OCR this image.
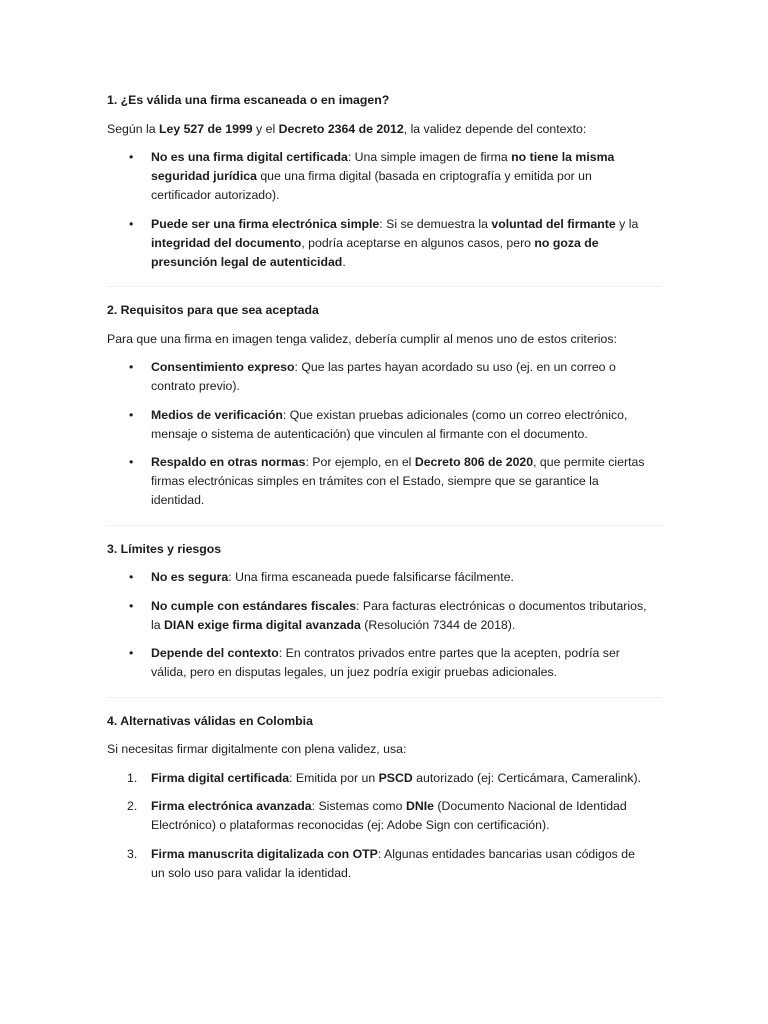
1. ¿Es válida una firma escaneada o en imagen?
Según la Ley 527 de 1999 y el Decreto 2364 de 2012, la validez depende del contexto:
•	No es una firma digital certificada: Una simple imagen de firma no tiene la misma seguridad jurídica que una firma digital (basada en criptografía y emitida por un certificador autorizado).
•	Puede ser una firma electrónica simple: Si se demuestra la voluntad del firmante y la integridad del documento, podría aceptarse en algunos casos, pero no goza de presunción legal de autenticidad.
2. Requisitos para que sea aceptada
Para que una firma en imagen tenga validez, debería cumplir al menos uno de estos criterios:
•	Consentimiento expreso: Que las partes hayan acordado su uso (ej. en un correo o contrato previo).
•	Medios de verificación: Que existan pruebas adicionales (como un correo electrónico, mensaje o sistema de autenticación) que vinculen al firmante con el documento.
•	Respaldo en otras normas: Por ejemplo, en el Decreto 806 de 2020, que permite ciertas firmas electrónicas simples en trámites con el Estado, siempre que se garantice la identidad.
3. Límites y riesgos
•	No es segura: Una firma escaneada puede falsificarse fácilmente.
•	No cumple con estándares fiscales: Para facturas electrónicas o documentos tributarios, la DIAN exige firma digital avanzada (Resolución 7344 de 2018).
•	Depende del contexto: En contratos privados entre partes que la acepten, podría ser válida, pero en disputas legales, un juez podría exigir pruebas adicionales.
4. Alternativas válidas en Colombia
Si necesitas firmar digitalmente con plena validez, usa:
1.	Firma digital certificada: Emitida por un PSCD autorizado (ej: Certicámara, Cameralink).
2.	Firma electrónica avanzada: Sistemas como DNIe (Documento Nacional de Identidad Electrónico) o plataformas reconocidas (ej: Adobe Sign con certificación).
3.	Firma manuscrita digitalizada con OTP: Algunas entidades bancarias usan códigos de un solo uso para validar la identidad.
